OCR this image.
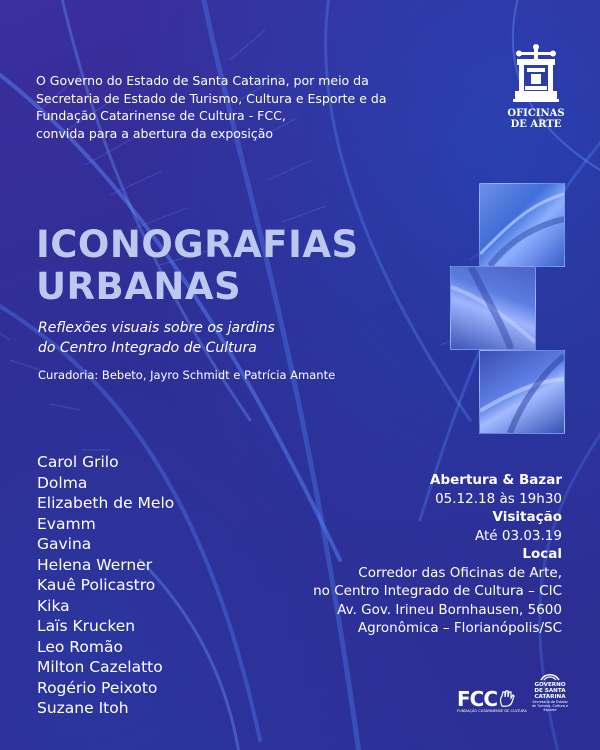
OFICINAS
DE ARTE
O Governo do Estado de Santa Catarina, por meio da
Secretaria de Estado de Turismo, Cultura e Esporte e da
Fundação Catarinense de Cultura - FCC,
convida para a abertura da exposição
ICONOGRAFIAS
URBANAS
Reflexões visuais sobre os jardins
do Centro Integrado de Cultura
Curadoria: Bebeto, Jayro Schmidt e Patrícia Amante
Carol Grilo
Dolma
Elizabeth de Melo
Evamm
Gavina
Helena Werner
Kauê Policastro
Kika
Laïs Krucken
Leo Romão
Milton Cazelatto
Rogério Peixoto
Suzane Itoh
Abertura & Bazar
05.12.18 às 19h30
Visitação
Até 03.03.19
Local
Corredor das Oficinas de Arte,
no Centro Integrado de Cultura – CIC
Av. Gov. Irineu Bornhausen, 5600
Agronômica – Florianópolis/SC
FCC
FUNDAÇÃO CATARINENSE DE CULTURA
GOVERNO
DE SANTA
CATARINA
Secretaria de Estado de Turismo, Cultura e Esporte
